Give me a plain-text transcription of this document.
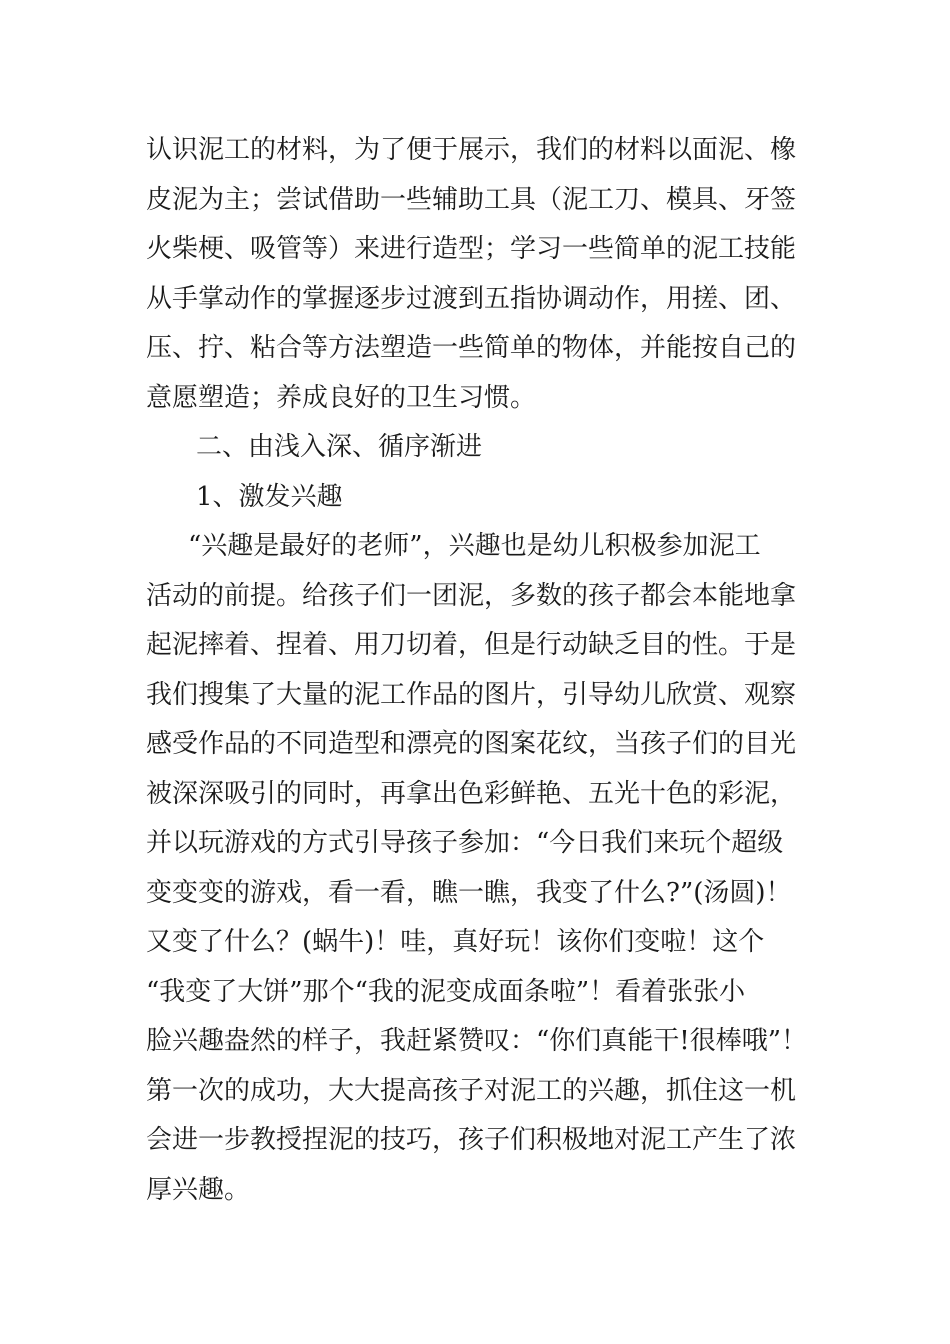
认识泥工的材料，为了便于展示，我们的材料以面泥、橡

皮泥为主；尝试借助一些辅助工具（泥工刀、模具、牙签

火柴梗、吸管等）来进行造型；学习一些简单的泥工技能

从手掌动作的掌握逐步过渡到五指协调动作，用搓、团、

压、拧、粘合等方法塑造一些简单的物体，并能按自己的

意愿塑造；养成良好的卫生习惯。

二、由浅入深、循序渐进

1、激发兴趣

“兴趣是最好的老师”，兴趣也是幼儿积极参加泥工

活动的前提。给孩子们一团泥，多数的孩子都会本能地拿

起泥摔着、捏着、用刀切着，但是行动缺乏目的性。于是

我们搜集了大量的泥工作品的图片，引导幼儿欣赏、观察

感受作品的不同造型和漂亮的图案花纹，当孩子们的目光

被深深吸引的同时，再拿出色彩鲜艳、五光十色的彩泥，

并以玩游戏的方式引导孩子参加：“今日我们来玩个超级

变变变的游戏，看一看，瞧一瞧，我变了什么?”(汤圆)！

又变了什么？(蜗牛)！哇，真好玩！该你们变啦！这个

“我变了大饼”那个“我的泥变成面条啦”！看着张张小

脸兴趣盎然的样子，我赶紧赞叹：“你们真能干!很棒哦”！

第一次的成功，大大提高孩子对泥工的兴趣，抓住这一机

会进一步教授捏泥的技巧，孩子们积极地对泥工产生了浓

厚兴趣。
